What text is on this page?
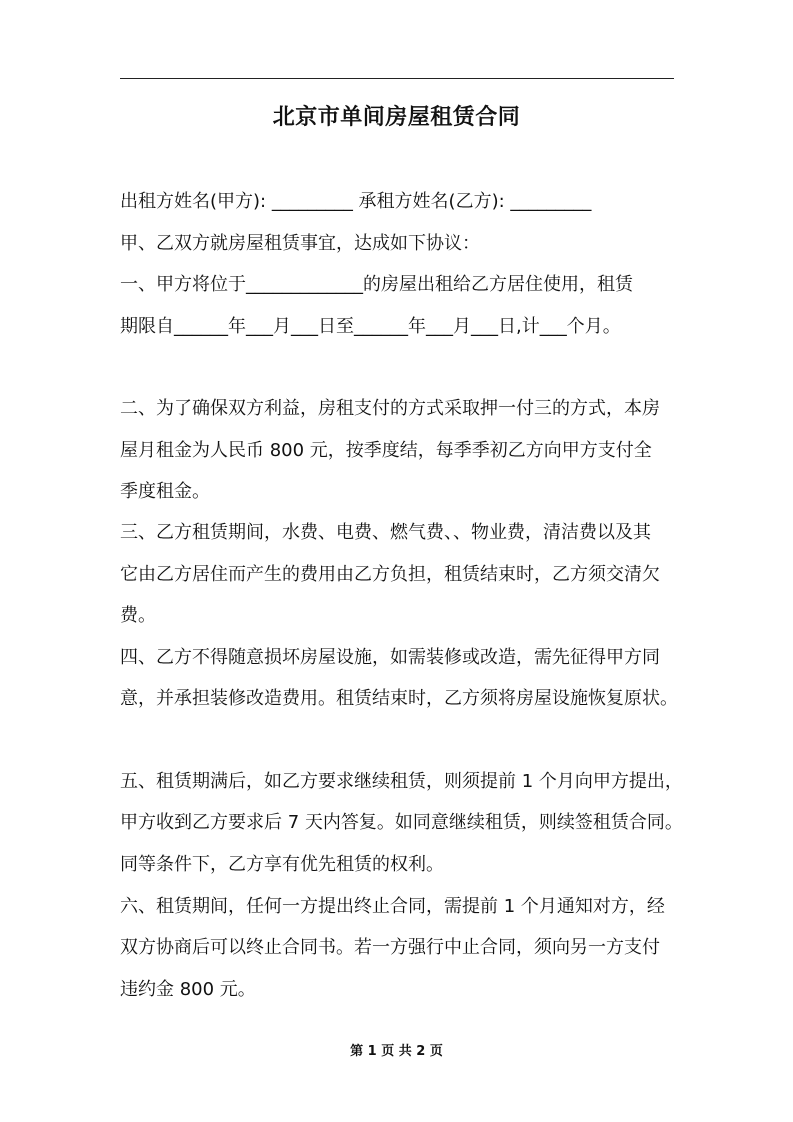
北京市单间房屋租赁合同
出租方姓名(甲方): _________ 承租方姓名(乙方): _________
甲、乙双方就房屋租赁事宜，达成如下协议：
一、甲方将位于_____________的房屋出租给乙方居住使用，租赁
期限自______年___月___日至______年___月___日,计___个月。
二、为了确保双方利益，房租支付的方式采取押一付三的方式，本房
屋月租金为人民币 800 元，按季度结，每季季初乙方向甲方支付全
季度租金。
三、乙方租赁期间，水费、电费、燃气费、、物业费，清洁费以及其
它由乙方居住而产生的费用由乙方负担，租赁结束时，乙方须交清欠
费。
四、乙方不得随意损坏房屋设施，如需装修或改造，需先征得甲方同
意，并承担装修改造费用。租赁结束时，乙方须将房屋设施恢复原状。
五、租赁期满后，如乙方要求继续租赁，则须提前 1 个月向甲方提出，
甲方收到乙方要求后 7 天内答复。如同意继续租赁，则续签租赁合同。
同等条件下，乙方享有优先租赁的权利。
六、租赁期间，任何一方提出终止合同，需提前 1 个月通知对方，经
双方协商后可以终止合同书。若一方强行中止合同，须向另一方支付
违约金 800 元。
第 1 页 共 2 页
